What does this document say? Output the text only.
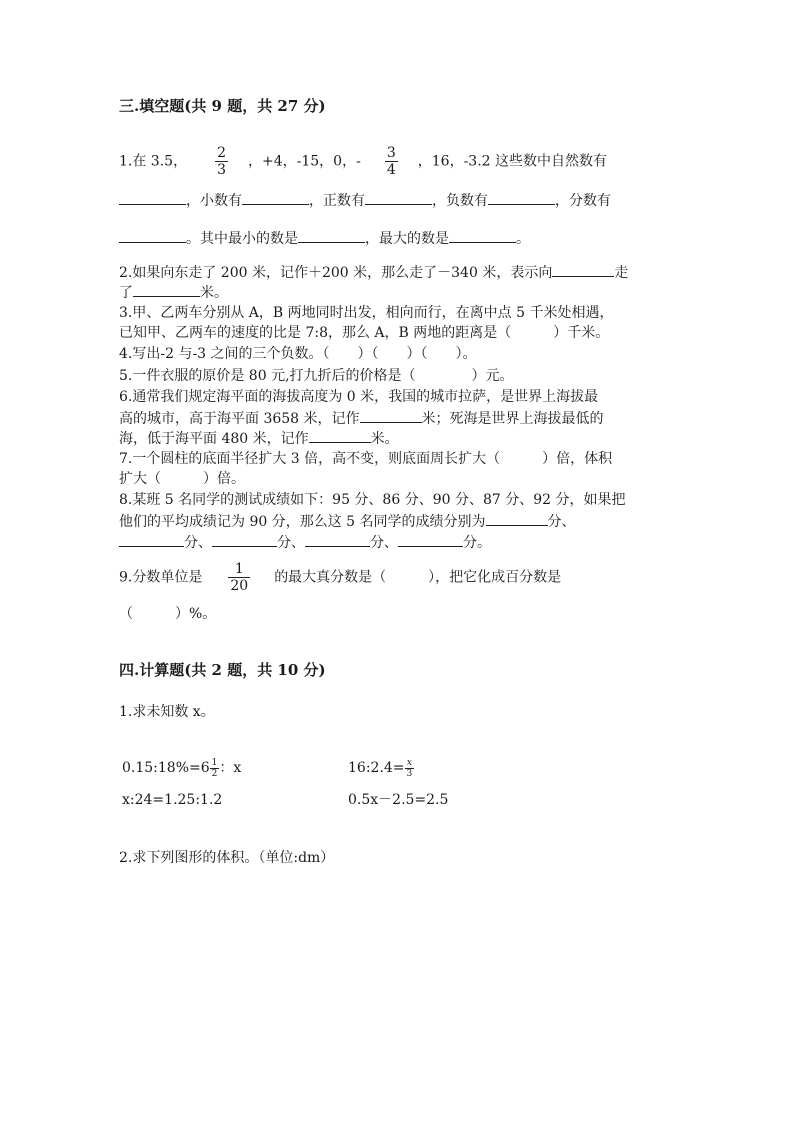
三.填空题(共 9 题，共 27 分)
1.在 3.5， $\frac{2}{3}$ ，+4，-15，0，- $\frac{3}{4}$ ，16，-3.2 这些数中自然数有
，小数有	，正数有	，负数有	，分数有
。其中最小的数是	，最大的数是	。
2.如果向东走了 200 米，记作＋200 米，那么走了－340 米，表示向	走
了	米。
3.甲、乙两车分别从 A，B 两地同时出发，相向而行，在离中点 5 千米处相遇，
已知甲、乙两车的速度的比是 7:8，那么 A，B 两地的距离是（　　　）千米。
4.写出-2 与-3 之间的三个负数。（　　）（　　）（　　）。
5.一件衣服的原价是 80 元,打九折后的价格是（　　　　）元。
6.通常我们规定海平面的海拔高度为 0 米，我国的城市拉萨，是世界上海拔最
高的城市，高于海平面 3658 米，记作	米；死海是世界上海拔最低的
海，低于海平面 480 米，记作	米。
7.一个圆柱的底面半径扩大 3 倍，高不变，则底面周长扩大（　　　）倍，体积
扩大（　　　）倍。
8.某班 5 名同学的测试成绩如下：95 分、86 分、90 分、87 分、92 分，如果把
他们的平均成绩记为 90 分，那么这 5 名同学的成绩分别为	分、
分、	分、	分、	分。
9.分数单位是 $\frac{1}{20}$ 的最大真分数是（　　　），把它化成百分数是
（　　　）%。
四.计算题(共 2 题，共 10 分)
1.求未知数 x。
0.15:18%=6 $\frac{1}{2}$ ：x	16:2.4= $\frac{x}{3}$
x:24=1.25:1.2	0.5x－2.5=2.5
2.求下列图形的体积。（单位:dm）
